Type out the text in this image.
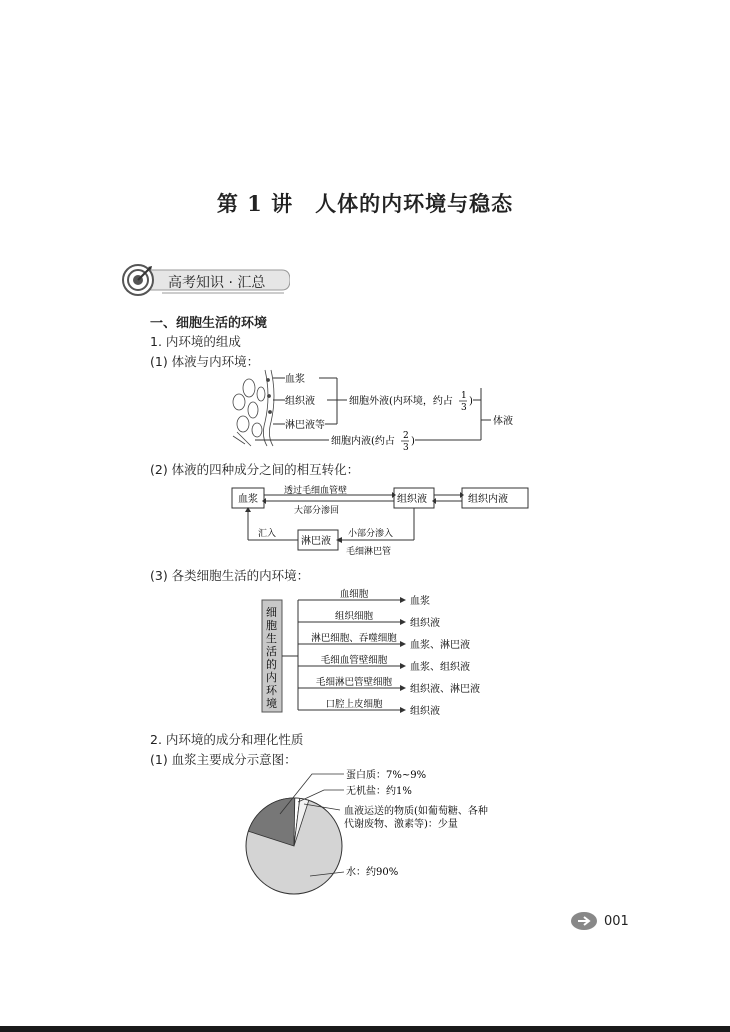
第 1 讲　人体的内环境与稳态
高考知识 · 汇总
一、细胞生活的环境
1. 内环境的组成
(1) 体液与内环境：
血浆
组织液
淋巴液等
细胞外液(内环境，约占 1
3
)
细胞内液(约占 2
3
)
体液
(2) 体液的四种成分之间的相互转化：
血浆
透过毛细血管壁
大部分渗回
组织液	组织内液
汇入
淋巴液
小部分渗入
毛细淋巴管
(3) 各类细胞生活的内环境：
细
胞
生
活
的
内
环
境
血细胞
血浆
组织细胞
组织液
淋巴细胞、吞噬细胞
血浆、淋巴液
毛细血管壁细胞
血浆、组织液
毛细淋巴管壁细胞
组织液、淋巴液
口腔上皮细胞
组织液
2. 内环境的成分和理化性质
(1) 血浆主要成分示意图：
蛋白质：7%~9%
无机盐：约1%
血液运送的物质(如葡萄糖、各种
代谢废物、激素等)：少量
水：约90%
001
